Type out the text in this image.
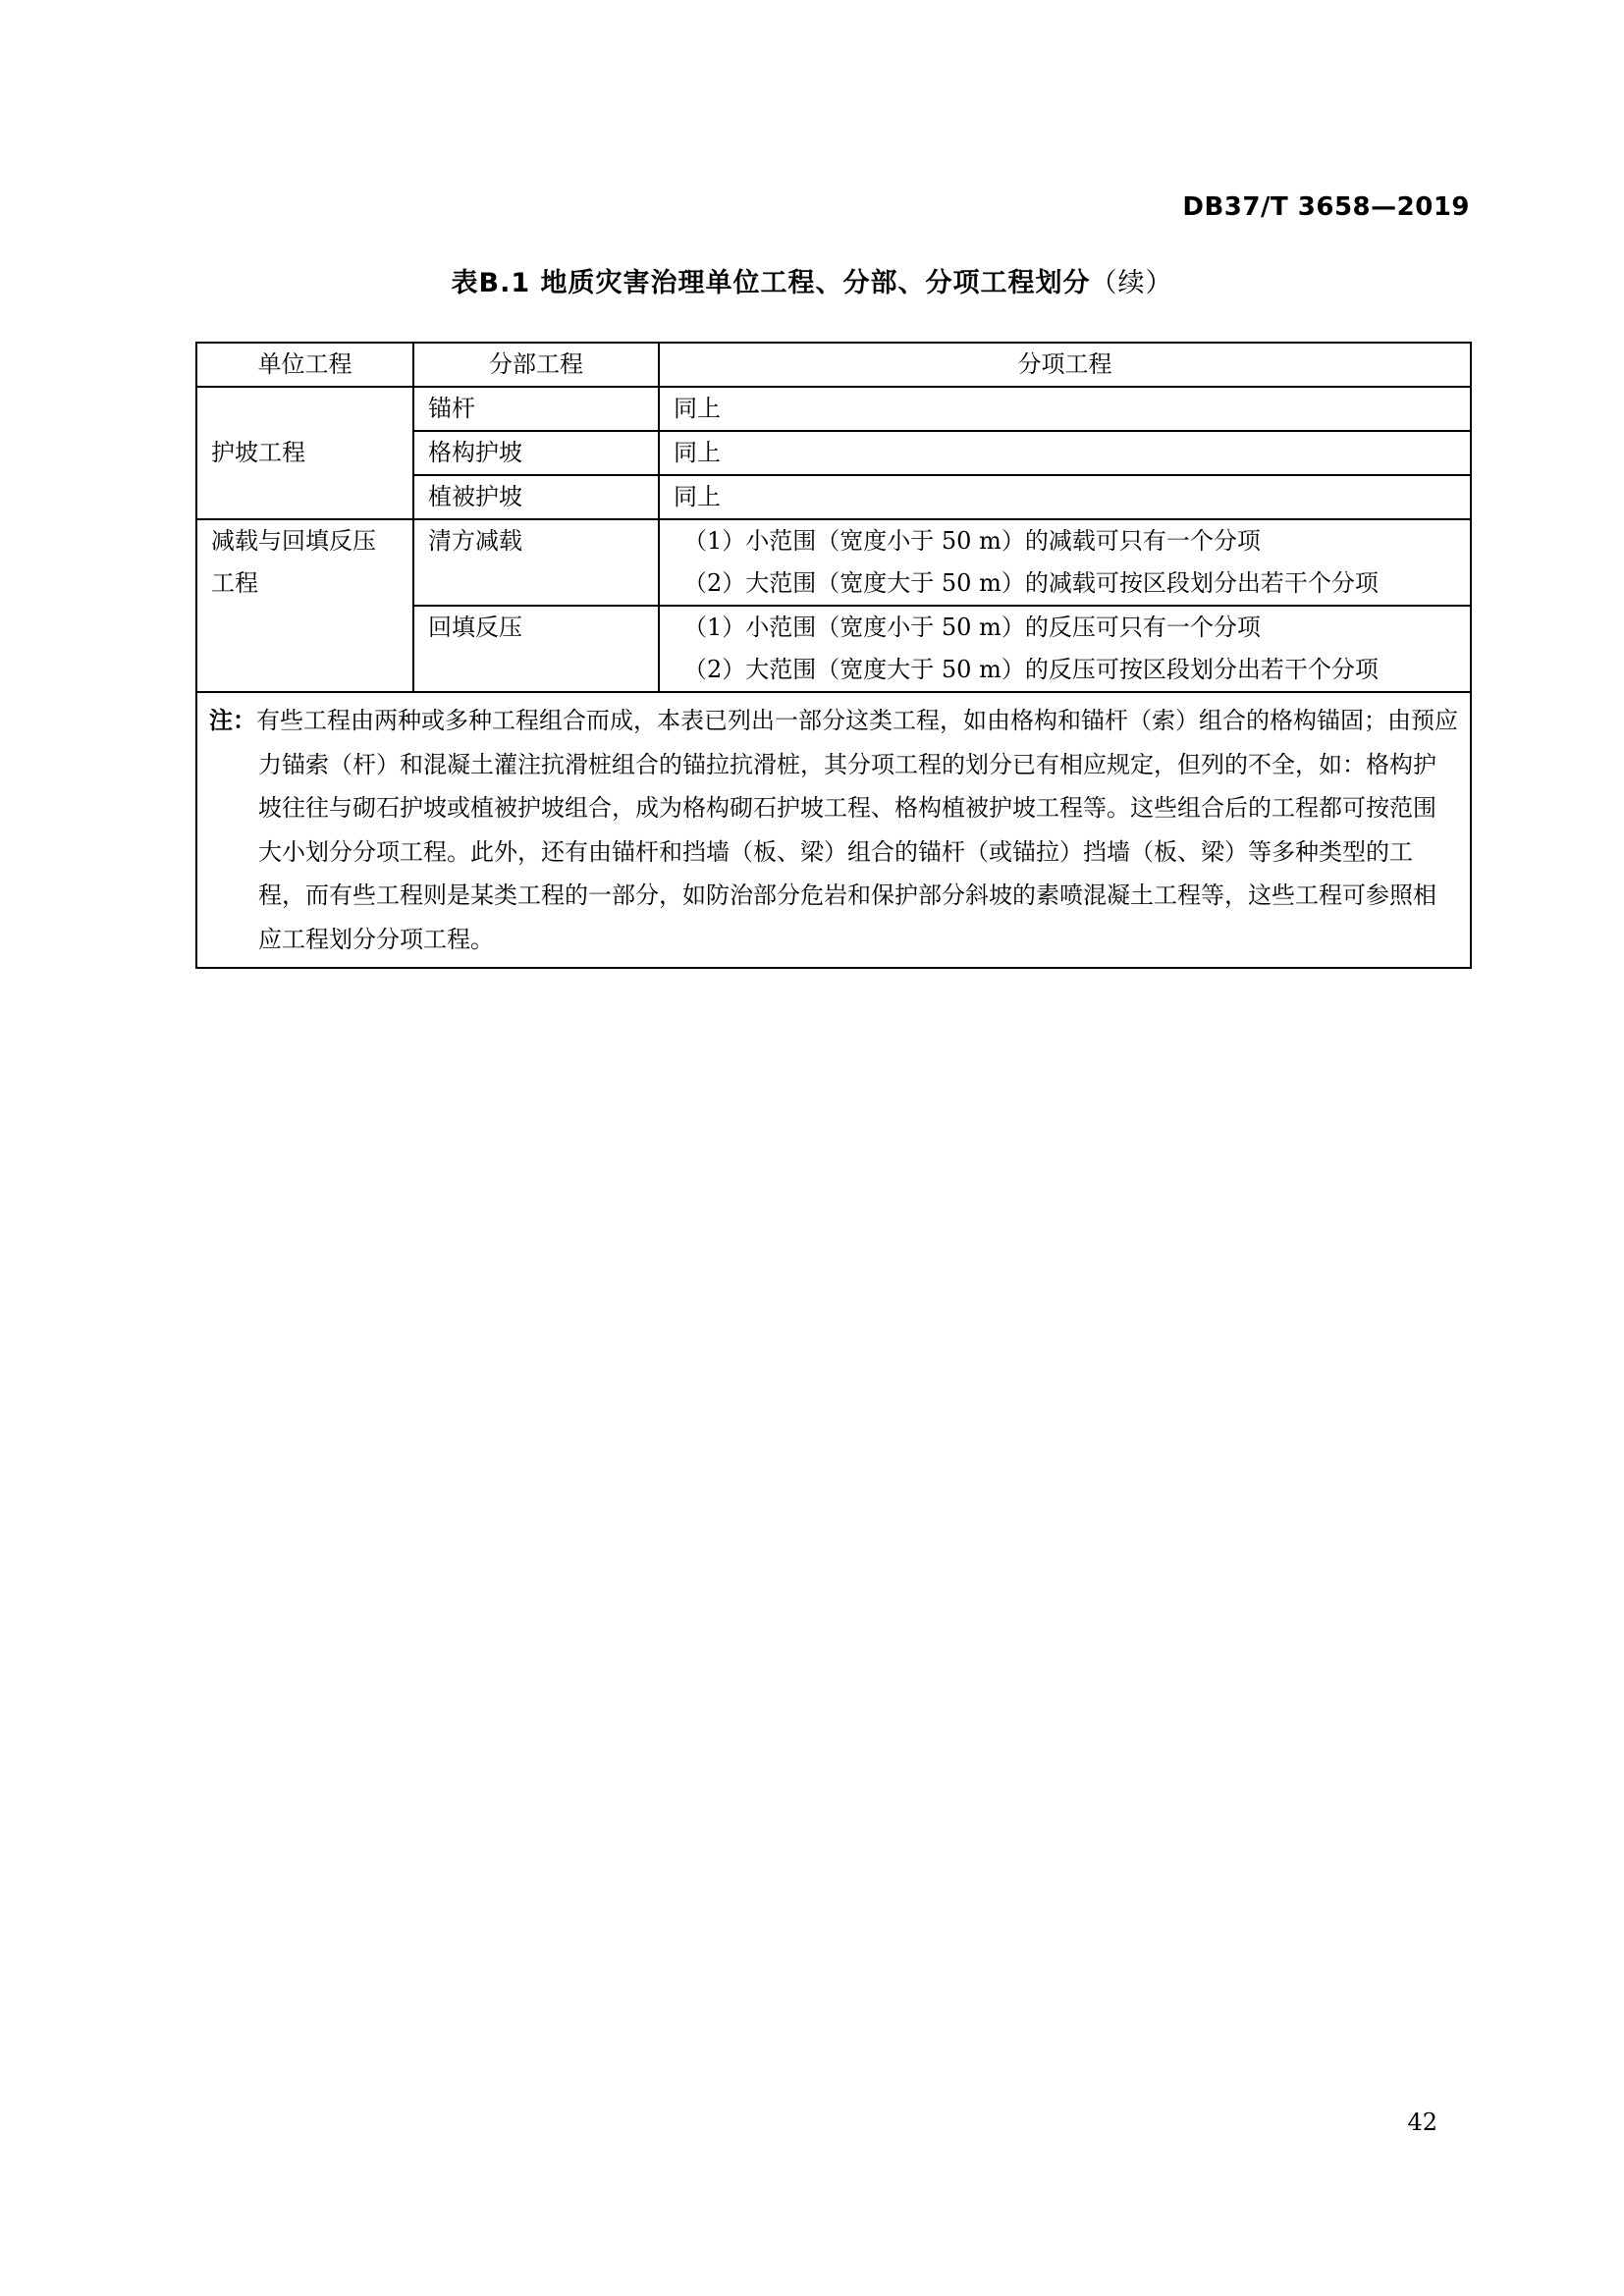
DB37/T 3658—2019
表B.1 地质灾害治理单位工程、分部、分项工程划分（续）
单位工程	分部工程	分项工程
护坡工程	锚杆	同上
	格构护坡	同上
	植被护坡	同上
减载与回填反压工程	清方减载	（1）小范围（宽度小于 50 m）的减载可只有一个分项
（2）大范围（宽度大于 50 m）的减载可按区段划分出若干个分项

	回填反压	（1）小范围（宽度小于 50 m）的反压可只有一个分项
（2）大范围（宽度大于 50 m）的反压可按区段划分出若干个分项

注：有些工程由两种或多种工程组合而成，本表已列出一部分这类工程，如由格构和锚杆（索）组合的格构锚固；由预应力锚索（杆）和混凝土灌注抗滑桩组合的锚拉抗滑桩，其分项工程的划分已有相应规定，但列的不全，如：格构护坡往往与砌石护坡或植被护坡组合，成为格构砌石护坡工程、格构植被护坡工程等。这些组合后的工程都可按范围大小划分分项工程。此外，还有由锚杆和挡墙（板、梁）组合的锚杆（或锚拉）挡墙（板、梁）等多种类型的工程，而有些工程则是某类工程的一部分，如防治部分危岩和保护部分斜坡的素喷混凝土工程等，这些工程可参照相应工程划分分项工程。		
42
